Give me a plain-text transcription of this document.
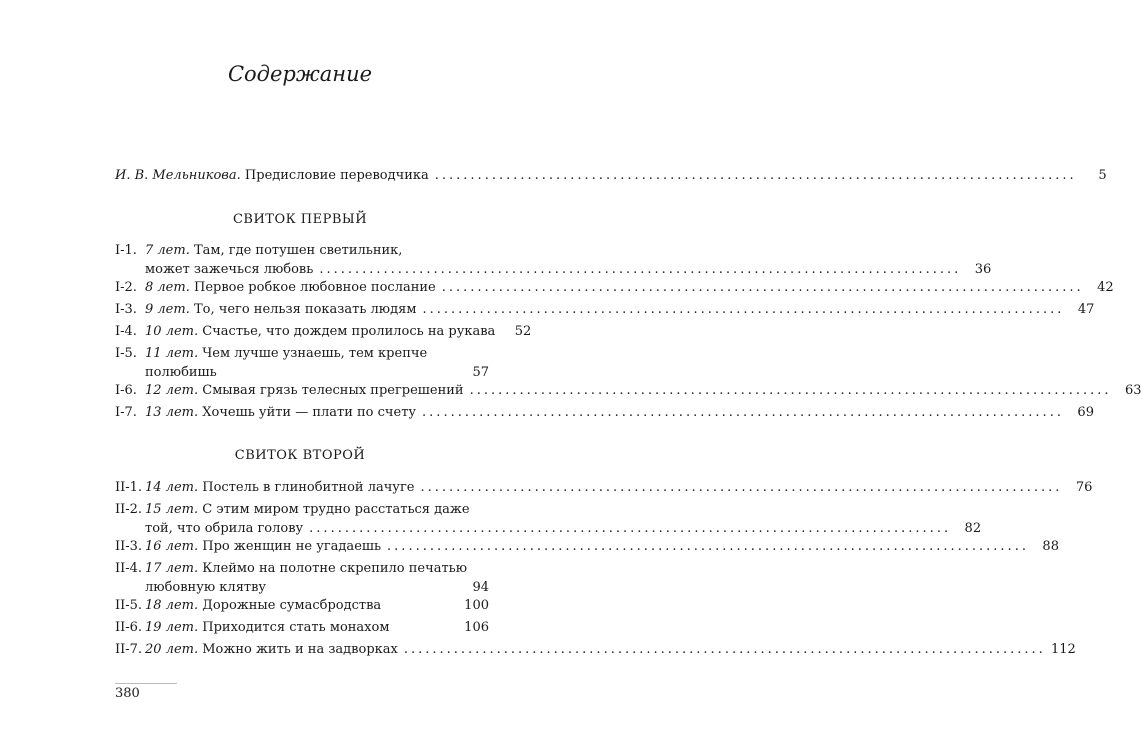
Содержание
И. В. Мельникова. Предисловие переводчика ..........................................................................................	5
СВИТОК ПЕРВЫЙ
I-1. 7 лет. Там, где потушен светильник,
может зажечься любовь ..........................................................................................	36
I-2. 8 лет. Первое робкое любовное послание ..........................................................................................	42
I-3. 9 лет. То, чего нельзя показать людям ..........................................................................................	47
I-4. 10 лет. Счастье, что дождем пролилось на рукава	52
I-5. 11 лет. Чем лучше узнаешь, тем крепче
полюбишь	57
I-6. 12 лет. Смывая грязь телесных прегрешений ..........................................................................................	63
I-7. 13 лет. Хочешь уйти — плати по счету ..........................................................................................	69
СВИТОК ВТОРОЙ
II-1. 14 лет. Постель в глинобитной лачуге ..........................................................................................	76
II-2. 15 лет. С этим миром трудно расстаться даже
той, что обрила голову ..........................................................................................	82
II-3. 16 лет. Про женщин не угадаешь ..........................................................................................	88
II-4. 17 лет. Клеймо на полотне скрепило печатью
любовную клятву	94
II-5. 18 лет. Дорожные сумасбродства	100
II-6. 19 лет. Приходится стать монахом	106
II-7. 20 лет. Можно жить и на задворках .......................................................................................... 112
380
